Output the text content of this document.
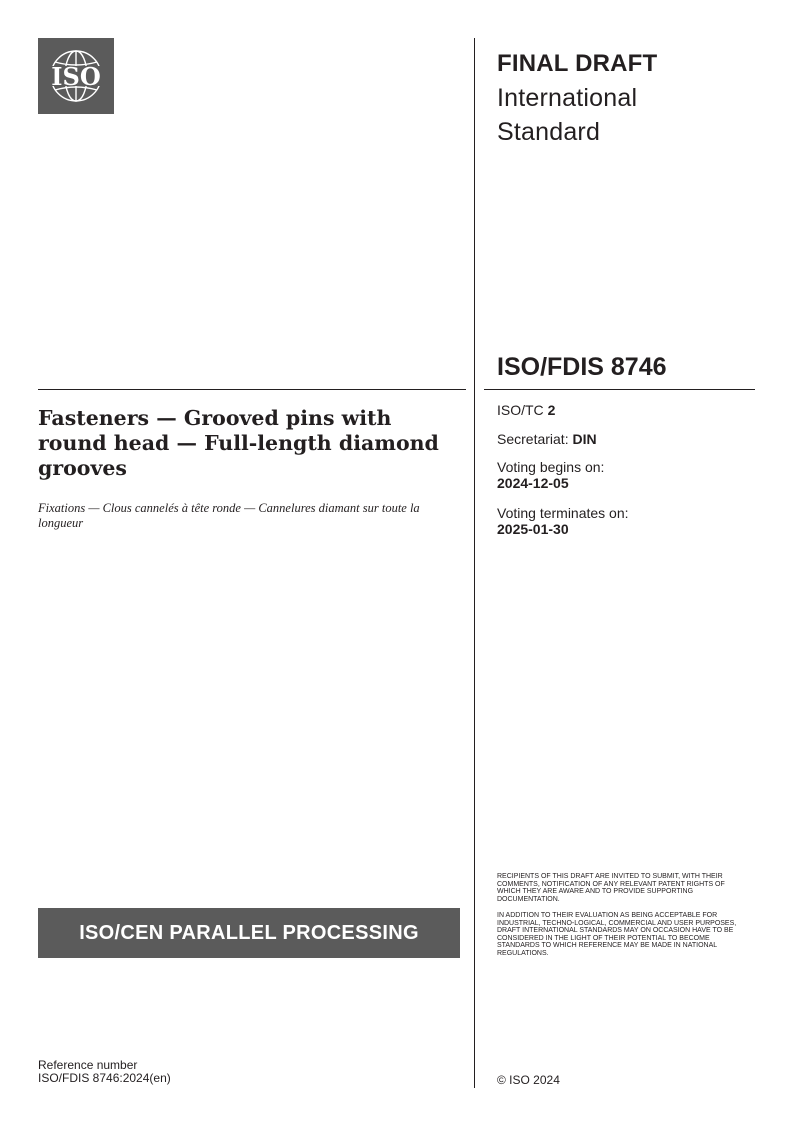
ISO	FINAL DRAFT
International
Standard
ISO/FDIS 8746
Fasteners — Grooved pins with round head — Full-length diamond grooves
Fixations — Clous cannelés à tête ronde — Cannelures diamant sur toute la longueur
ISO/TC 2
Secretariat: DIN
Voting begins on:
2024-12-05
Voting terminates on:
2025-01-30
ISO/CEN PARALLEL PROCESSING
RECIPIENTS OF THIS DRAFT ARE INVITED TO SUBMIT, WITH THEIR COMMENTS, NOTIFICATION OF ANY RELEVANT PATENT RIGHTS OF WHICH THEY ARE AWARE AND TO PROVIDE SUPPORTING DOCUMENTATION.
IN ADDITION TO THEIR EVALUATION AS BEING ACCEPTABLE FOR INDUSTRIAL, TECHNO-LOGICAL, COMMERCIAL AND USER PURPOSES, DRAFT INTERNATIONAL STANDARDS MAY ON OCCASION HAVE TO BE CONSIDERED IN THE LIGHT OF THEIR POTENTIAL TO BECOME STANDARDS TO WHICH REFERENCE MAY BE MADE IN NATIONAL REGULATIONS.
Reference number
ISO/FDIS 8746:2024(en)	© ISO 2024
